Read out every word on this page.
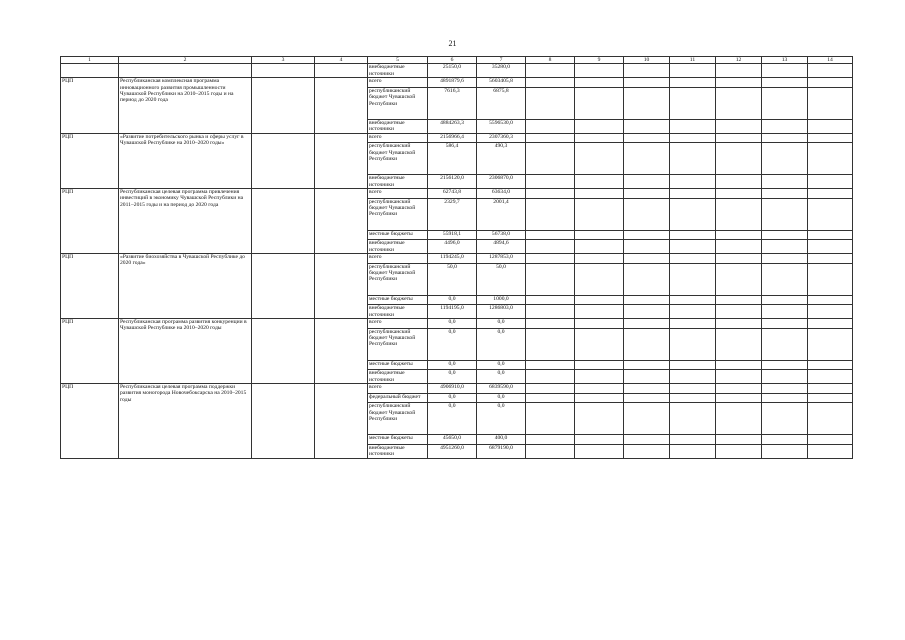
21
1	2	3	4	5	6	7	8	9	10	11	12	13	14
				внебюджетные источники	25150,0	35280,0							
РЦП	Республиканская комплексная программа инновационного развития промышленности Чувашской Республики на 2010–2015 годы и на период до 2020 года			всего	4891879,6	5603405,8							
				республиканский бюджет Чувашской Республики	7616,3	6875,8							
				внебюджетные источники	4884263,3	5596530,0							
РЦП	«Развитие потребительского рынка и сферы услуг в Чувашской Республике на 2010–2020 годы»			всего	2156966,4	2307360,3							
				республиканский бюджет Чувашской Республики	586,4	490,3							
				внебюджетные источники	2156120,0	2306870,0							
РЦП	Республиканская целевая программа привлечения инвестиций в экономику Чувашской Республики на 2011–2015 годы и на период до 2020 года			всего	62743,8	63634,0							
				республиканский бюджет Чувашской Республики	2329,7	2001,4							
				местные бюджеты	55918,1	56738,0							
				внебюджетные источники	4496,0	4894,6							
РЦП	«Развитие биохозяйства в Чувашской Республике до 2020 года»			всего	1194245,0	1287853,0							
				республиканский бюджет Чувашской Республики	50,0	50,0							
				местные бюджеты	0,0	1000,0							
				внебюджетные источники	1194195,0	1286803,0							
РЦП	Республиканская программа развития конкуренции в Чувашской Республике на 2010–2020 годы			всего	0,0	0,0							
				республиканский бюджет Чувашской Республики	0,0	0,0							
				местные бюджеты	0,0	0,0							
				внебюджетные источники	0,0	0,0							
РЦП	Республиканская целевая программа поддержки развития моногорода Новочебоксарска на 2010–2015 годы			всего	4906910,0	6839590,0							
				федеральный бюджет	0,0	0,0							
				республиканский бюджет Чувашской Республики	0,0	0,0							
				местные бюджеты	45650,0	400,0							
				внебюджетные источники	4951260,0	6879190,0							
